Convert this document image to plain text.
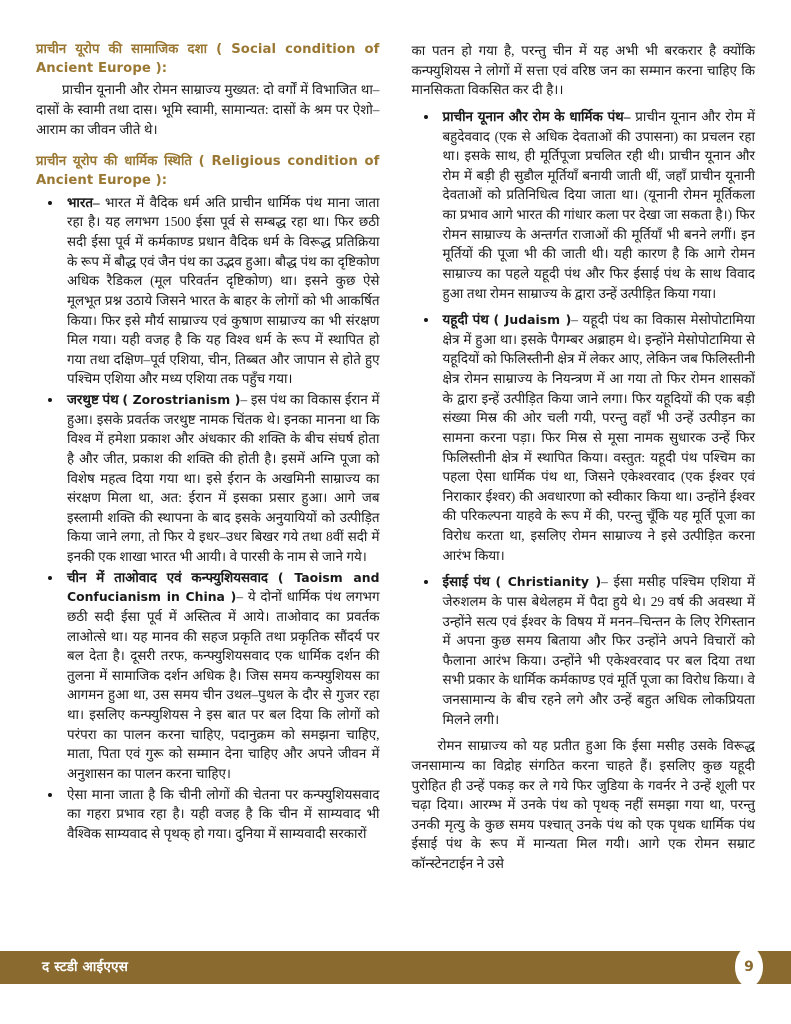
प्राचीन यूरोप की सामाजिक दशा ( Social condition of Ancient Europe ):

प्राचीन यूनानी और रोमन साम्राज्य मुख्यत: दो वर्गों में विभाजित था– दासों के स्वामी तथा दास। भूमि स्वामी, सामान्यत: दासों के श्रम पर ऐशो–आराम का जीवन जीते थे।

प्राचीन यूरोप की धार्मिक स्थिति ( Religious condition of Ancient Europe ):
भारत– भारत में वैदिक धर्म अति प्राचीन धार्मिक पंथ माना जाता रहा है। यह लगभग 1500 ईसा पूर्व से सम्बद्ध रहा था। फिर छठी सदी ईसा पूर्व में कर्मकाण्ड प्रधान वैदिक धर्म के विरूद्ध प्रतिक्रिया के रूप में बौद्ध एवं जैन पंथ का उद्भव हुआ। बौद्ध पंथ का दृष्टिकोण अधिक रैडिकल (मूल परिवर्तन दृष्टिकोण) था। इसने कुछ ऐसे मूलभूत प्रश्न उठाये जिसने भारत के बाहर के लोगों को भी आकर्षित किया। फिर इसे मौर्य साम्राज्य एवं कुषाण साम्राज्य का भी संरक्षण मिल गया। यही वजह है कि यह विश्व धर्म के रूप में स्थापित हो गया तथा दक्षिण–पूर्व एशिया, चीन, तिब्बत और जापान से होते हुए पश्चिम एशिया और मध्य एशिया तक पहुँच गया।
जरथुष्ट पंथ ( Zorostrianism )– इस पंथ का विकास ईरान में हुआ। इसके प्रवर्तक जरथुष्ट नामक चिंतक थे। इनका मानना था कि विश्व में हमेशा प्रकाश और अंधकार की शक्ति के बीच संघर्ष होता है और जीत, प्रकाश की शक्ति की होती है। इसमें अग्नि पूजा को विशेष महत्व दिया गया था। इसे ईरान के अखमिनी साम्राज्य का संरक्षण मिला था, अत: ईरान में इसका प्रसार हुआ। आगे जब इस्लामी शक्ति की स्थापना के बाद इसके अनुयायियों को उत्पीड़ित किया जाने लगा, तो फिर ये इधर–उधर बिखर गये तथा 8वीं सदी में इनकी एक शाखा भारत भी आयी। वे पारसी के नाम से जाने गये।
चीन में ताओवाद एवं कन्फ्युशियसवाद ( Taoism and Confucianism in China )– ये दोनों धार्मिक पंथ लगभग छठी सदी ईसा पूर्व में अस्तित्व में आये। ताओवाद का प्रवर्तक लाओत्से था। यह मानव की सहज प्रकृति तथा प्रकृतिक सौंदर्य पर बल देता है। दूसरी तरफ, कन्फ्युशियसवाद एक धार्मिक दर्शन की तुलना में सामाजिक दर्शन अधिक है। जिस समय कन्फ्युशियस का आगमन हुआ था, उस समय चीन उथल–पुथल के दौर से गुजर रहा था। इसलिए कन्फ्युशियस ने इस बात पर बल दिया कि लोगों को परंपरा का पालन करना चाहिए, पदानुक्रम को समझना चाहिए, माता, पिता एवं गुरू को सम्मान देना चाहिए और अपने जीवन में अनुशासन का पालन करना चाहिए।
ऐसा माना जाता है कि चीनी लोगों की चेतना पर कन्फ्युशियसवाद का गहरा प्रभाव रहा है। यही वजह है कि चीन में साम्यवाद भी वैश्विक साम्यवाद से पृथक् हो गया। दुनिया में साम्यवादी सरकारों

का पतन हो गया है, परन्तु चीन में यह अभी भी बरकरार है क्योंकि कन्फ्युशियस ने लोगों में सत्ता एवं वरिष्ठ जन का सम्मान करना चाहिए कि मानसिकता विकसित कर दी है।।

प्राचीन यूनान और रोम के धार्मिक पंथ– प्राचीन यूनान और रोम में बहुदेववाद (एक से अधिक देवताओं की उपासना) का प्रचलन रहा था। इसके साथ, ही मूर्तिपूजा प्रचलित रही थी। प्राचीन यूनान और रोम में बड़ी ही सुडौल मूर्तियाँ बनायी जाती थीं, जहाँ प्राचीन यूनानी देवताओं को प्रतिनिधित्व दिया जाता था। (यूनानी रोमन मूर्तिकला का प्रभाव आगे भारत की गांधार कला पर देखा जा सकता है।) फिर रोमन साम्राज्य के अन्तर्गत राजाओं की मूर्तियाँ भी बनने लगीं। इन मूर्तियों की पूजा भी की जाती थी। यही कारण है कि आगे रोमन साम्राज्य का पहले यहूदी पंथ और फिर ईसाई पंथ के साथ विवाद हुआ तथा रोमन साम्राज्य के द्वारा उन्हें उत्पीड़ित किया गया।
यहूदी पंथ ( Judaism )– यहूदी पंथ का विकास मेसोपोटामिया क्षेत्र में हुआ था। इसके पैगम्बर अब्राहम थे। इन्होंने मेसोपोटामिया से यहूदियों को फिलिस्तीनी क्षेत्र में लेकर आए, लेकिन जब फिलिस्तीनी क्षेत्र रोमन साम्राज्य के नियन्त्रण में आ गया तो फिर रोमन शासकों के द्वारा इन्हें उत्पीड़ित किया जाने लगा। फिर यहूदियों की एक बड़ी संख्या मिस्र की ओर चली गयी, परन्तु वहाँ भी उन्हें उत्पीड़न का सामना करना पड़ा। फिर मिस्र से मूसा नामक सुधारक उन्हें फिर फिलिस्तीनी क्षेत्र में स्थापित किया। वस्तुत: यहूदी पंथ पश्चिम का पहला ऐसा धार्मिक पंथ था, जिसने एकेश्वरवाद (एक ईश्वर एवं निराकार ईश्वर) की अवधारणा को स्वीकार किया था। उन्होंने ईश्वर की परिकल्पना याहवे के रूप में की, परन्तु चूँकि यह मूर्ति पूजा का विरोध करता था, इसलिए रोमन साम्राज्य ने इसे उत्पीड़ित करना आरंभ किया।
ईसाई पंथ ( Christianity )– ईसा मसीह पश्चिम एशिया में जेरुशलम के पास बेथेलहम में पैदा हुये थे। 29 वर्ष की अवस्था में उन्होंने सत्य एवं ईश्वर के विषय में मनन–चिन्तन के लिए रेगिस्तान में अपना कुछ समय बिताया और फिर उन्होंने अपने विचारों को फैलाना आरंभ किया। उन्होंने भी एकेश्वरवाद पर बल दिया तथा सभी प्रकार के धार्मिक कर्मकाण्ड एवं मूर्ति पूजा का विरोध किया। वे जनसामान्य के बीच रहने लगे और उन्हें बहुत अधिक लोकप्रियता मिलने लगी।

रोमन साम्राज्य को यह प्रतीत हुआ कि ईसा मसीह उसके विरूद्ध जनसामान्य का विद्रोह संगठित करना चाहते हैं। इसलिए कुछ यहूदी पुरोहित ही उन्हें पकड़ कर ले गये फिर जुडिया के गवर्नर ने उन्हें शूली पर चढ़ा दिया। आरम्भ में उनके पंथ को पृथक् नहीं समझा गया था, परन्तु उनकी मृत्यु के कुछ समय पश्चात् उनके पंथ को एक पृथक धार्मिक पंथ ईसाई पंथ के रूप में मान्यता मिल गयी। आगे एक रोमन सम्राट कॉन्स्टेनटाईन ने उसे

द स्टडी आईएएस	9
